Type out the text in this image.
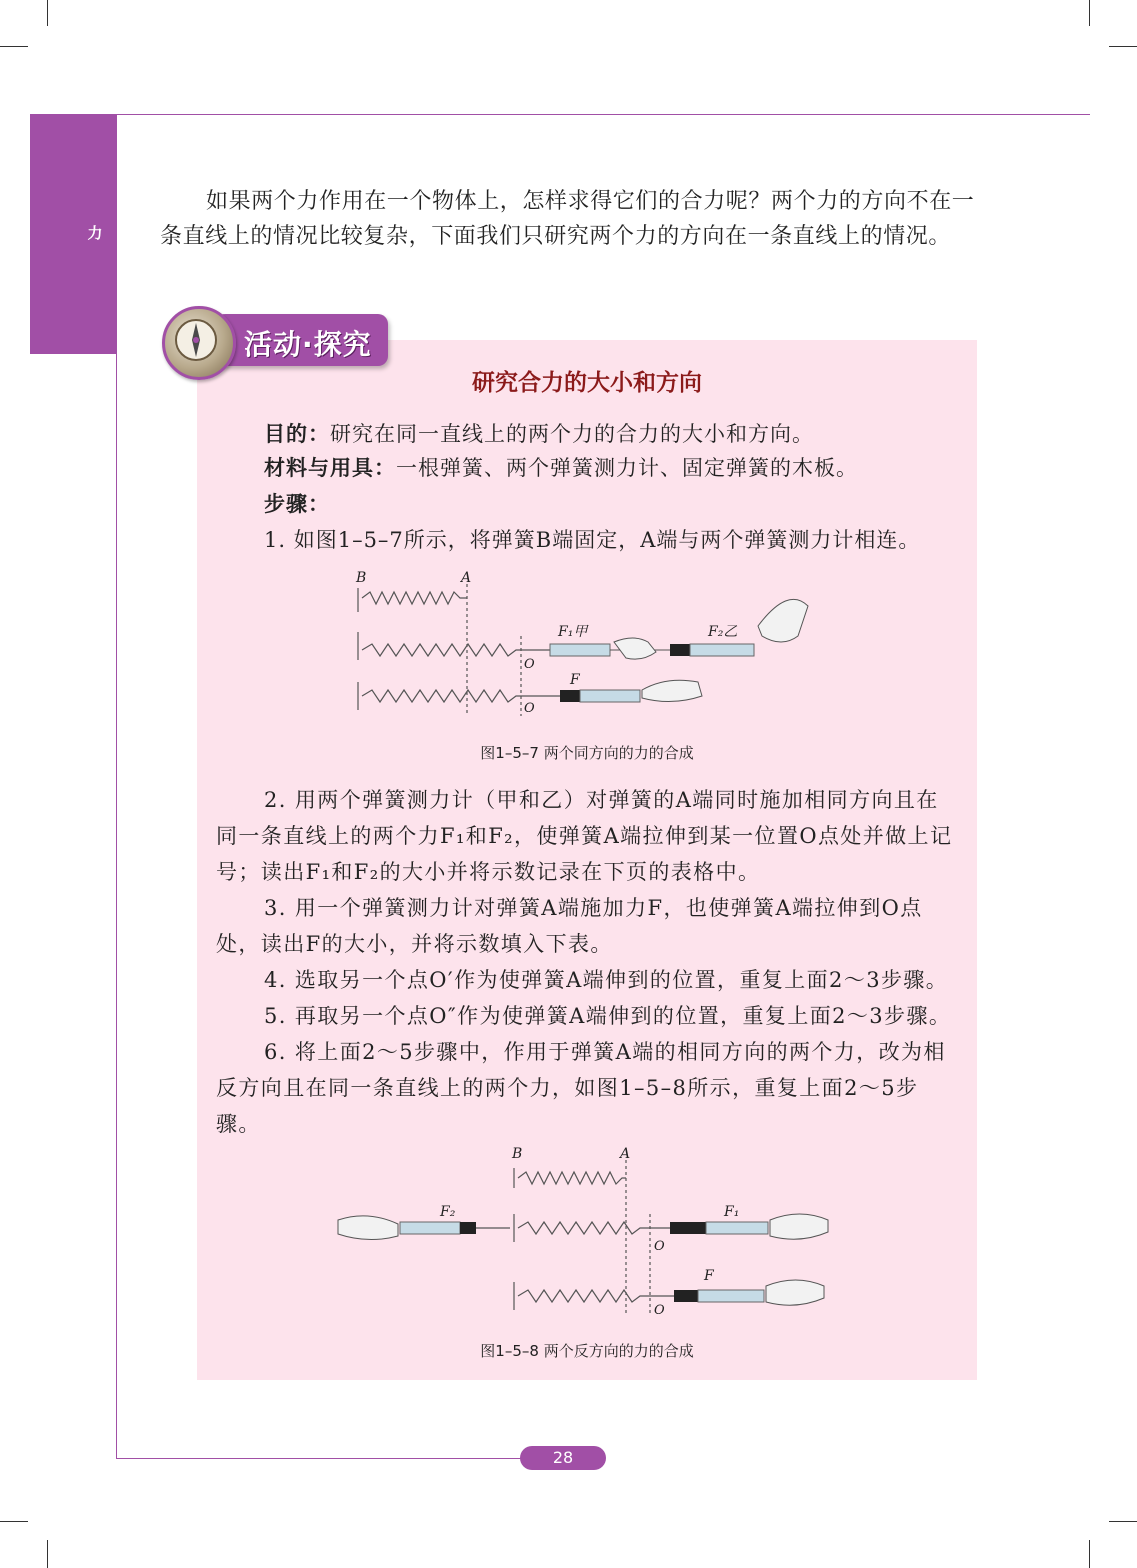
力
如果两个力作用在一个物体上，怎样求得它们的合力呢？两个力的方向不在一条直线上的情况比较复杂，下面我们只研究两个力的方向在一条直线上的情况。
活动·探究
研究合力的大小和方向
目的：研究在同一直线上的两个力的合力的大小和方向。
材料与用具：一根弹簧、两个弹簧测力计、固定弹簧的木板。
步骤：
1. 如图1–5–7所示，将弹簧B端固定，A端与两个弹簧测力计相连。
B	A
F₁甲	F₂乙
O
F
O
图1–5–7 两个同方向的力的合成
2. 用两个弹簧测力计（甲和乙）对弹簧的A端同时施加相同方向且在同一条直线上的两个力F₁和F₂，使弹簧A端拉伸到某一位置O点处并做上记号；读出F₁和F₂的大小并将示数记录在下页的表格中。
3. 用一个弹簧测力计对弹簧A端施加力F，也使弹簧A端拉伸到O点处，读出F的大小，并将示数填入下表。
4. 选取另一个点O′作为使弹簧A端伸到的位置，重复上面2～3步骤。
5. 再取另一个点O″作为使弹簧A端伸到的位置，重复上面2～3步骤。
6. 将上面2～5步骤中，作用于弹簧A端的相同方向的两个力，改为相反方向且在同一条直线上的两个力，如图1–5–8所示，重复上面2～5步骤。
B	A
F₂	F₁
O
F
O
图1–5–8 两个反方向的力的合成
28
